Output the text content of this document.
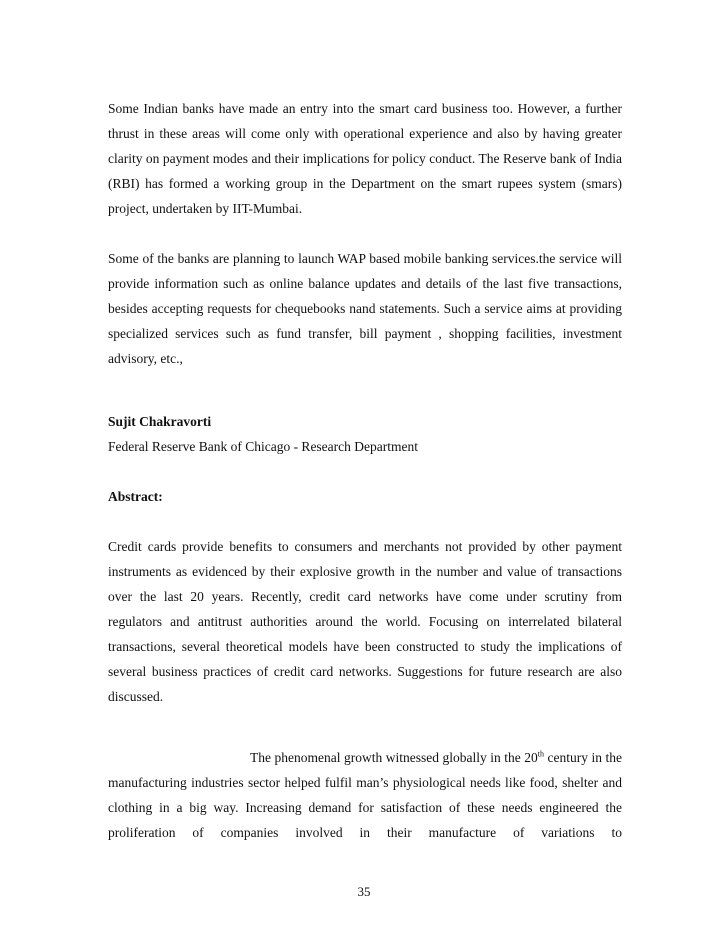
Some Indian banks have made an entry into the smart card business too. However, a further thrust in these areas will come only with operational experience and also by having greater clarity on payment modes and their implications for policy conduct. The Reserve bank of India (RBI) has formed a working group in the Department on the smart rupees system (smars) project, undertaken by IIT-Mumbai.

Some of the banks are planning to launch WAP based mobile banking services.the service will provide information such as online balance updates and details of the last five transactions, besides accepting requests for chequebooks nand statements. Such a service aims at providing specialized services such as fund transfer, bill payment , shopping facilities, investment advisory, etc.,

Sujit Chakravorti
Federal Reserve Bank of Chicago - Research Department
Abstract:

Credit cards provide benefits to consumers and merchants not provided by other payment instruments as evidenced by their explosive growth in the number and value of transactions over the last 20 years. Recently, credit card networks have come under scrutiny from regulators and antitrust authorities around the world. Focusing on interrelated bilateral transactions, several theoretical models have been constructed to study the implications of several business practices of credit card networks. Suggestions for future research are also discussed.

The phenomenal growth witnessed globally in the 20th century in the manufacturing industries sector helped fulfil man’s physiological needs like food, shelter and clothing in a big way. Increasing demand for satisfaction of these needs engineered the proliferation of companies involved in their manufacture of variations to

35
